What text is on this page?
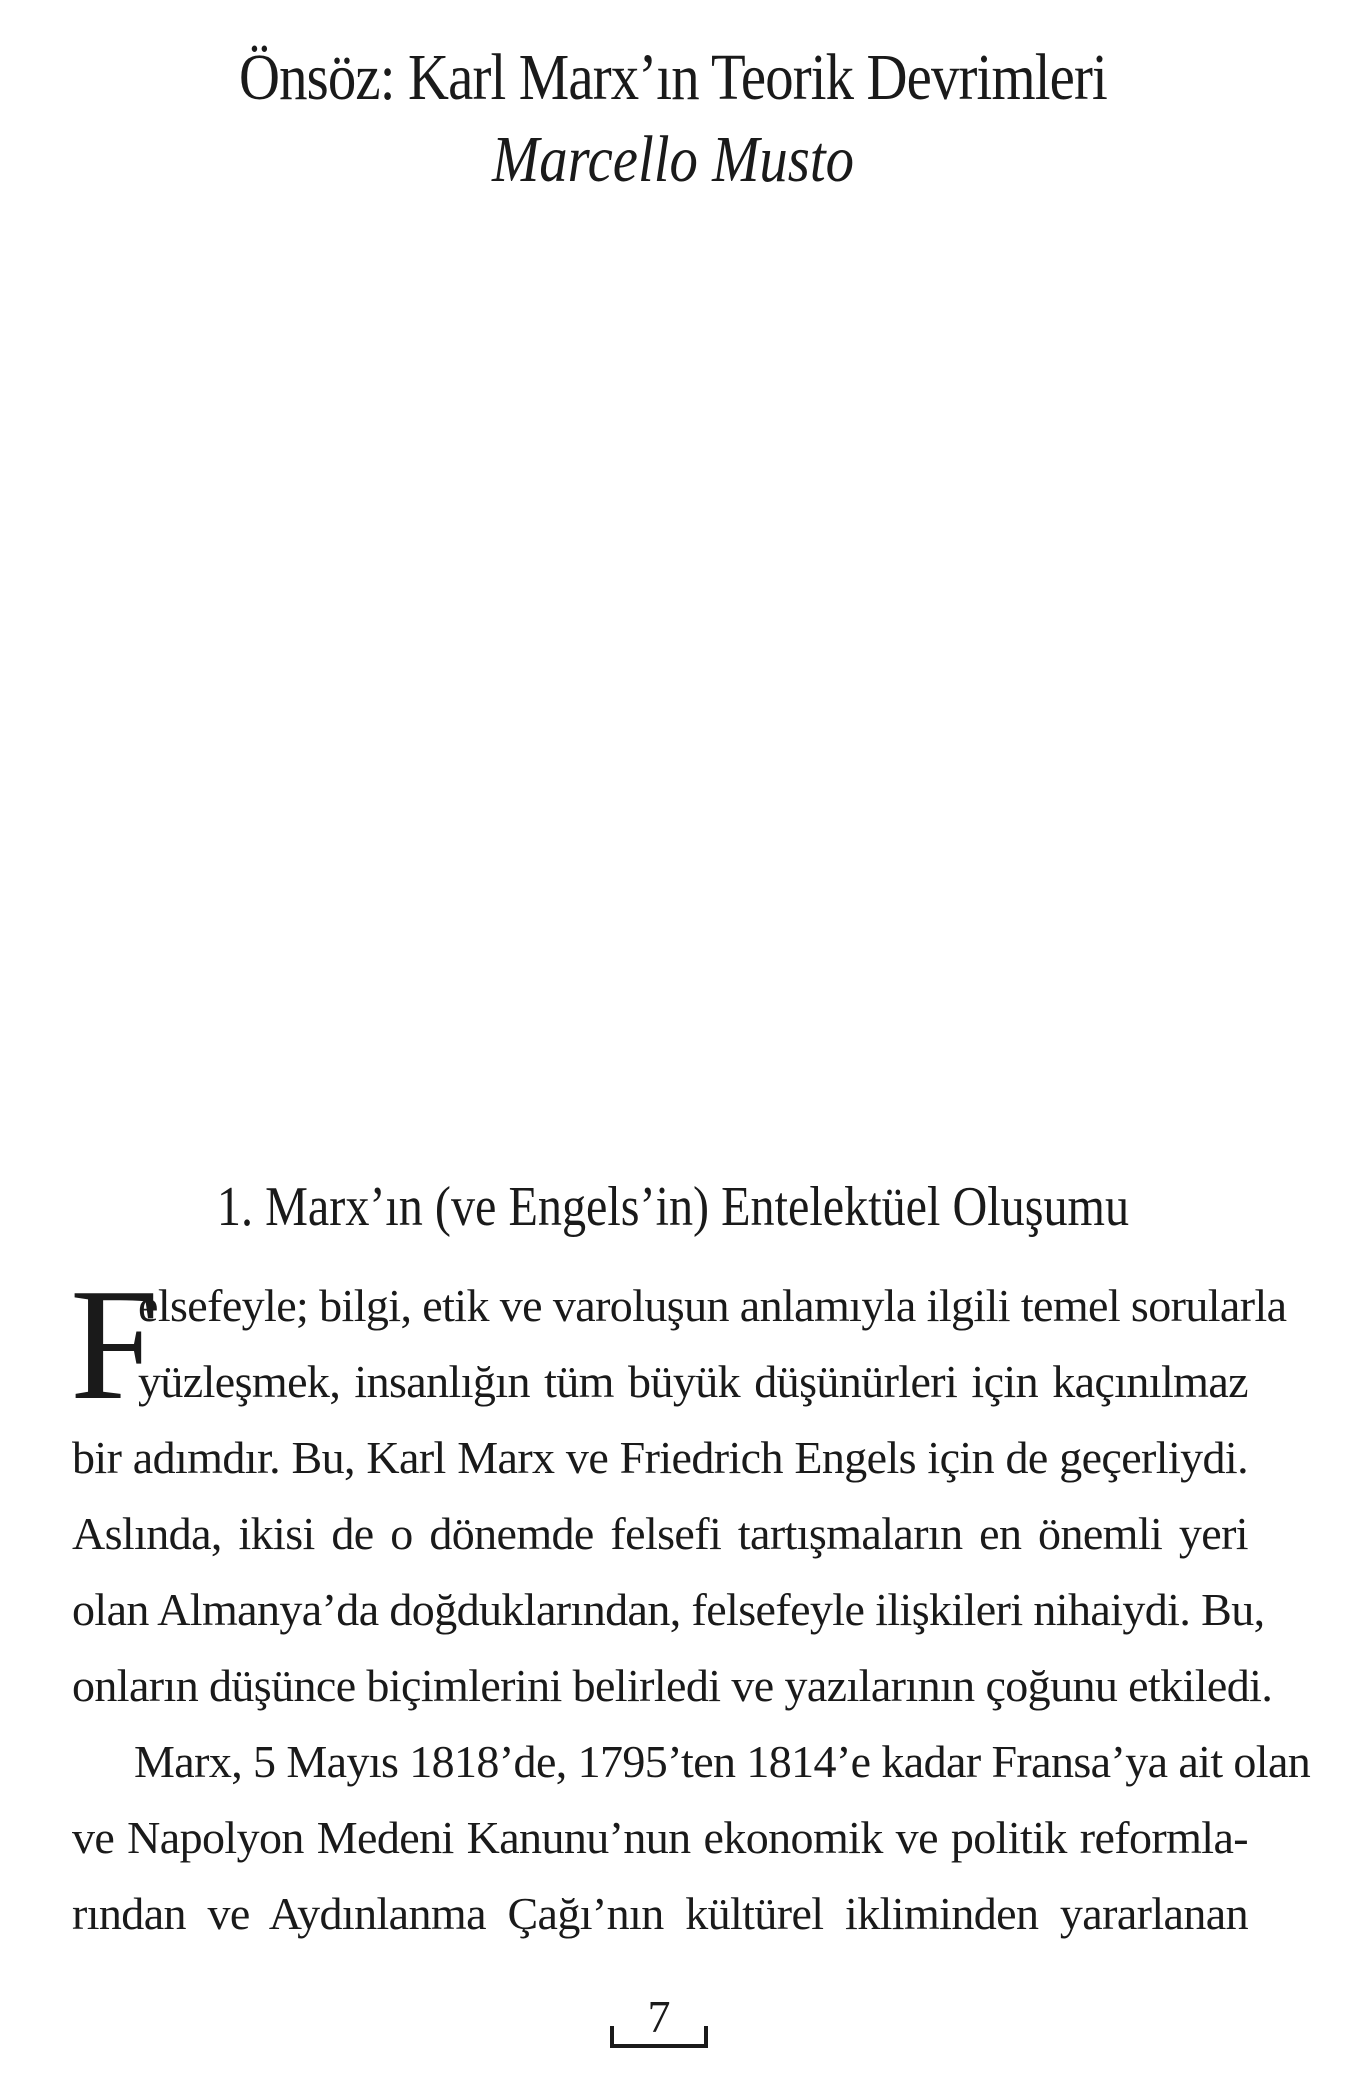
Önsöz: Karl Marx’ın Teorik Devrimleri
Marcello Musto
1. Marx’ın (ve Engels’in) Entelektüel Oluşumu
F
elsefeyle; bilgi, etik ve varoluşun anlamıyla ilgili temel sorularla
yüzleşmek, insanlığın tüm büyük düşünürleri için kaçınılmaz
bir adımdır. Bu, Karl Marx ve Friedrich Engels için de geçerliydi.
Aslında, ikisi de o dönemde felsefi tartışmaların en önemli yeri
olan Almanya’da doğduklarından, felsefeyle ilişkileri nihaiydi. Bu,
onların düşünce biçimlerini belirledi ve yazılarının çoğunu etkiledi.
Marx, 5 Mayıs 1818’de, 1795’ten 1814’e kadar Fransa’ya ait olan
ve Napolyon Medeni Kanunu’nun ekonomik ve politik reformla-
rından ve Aydınlanma Çağı’nın kültürel ikliminden yararlanan
7
